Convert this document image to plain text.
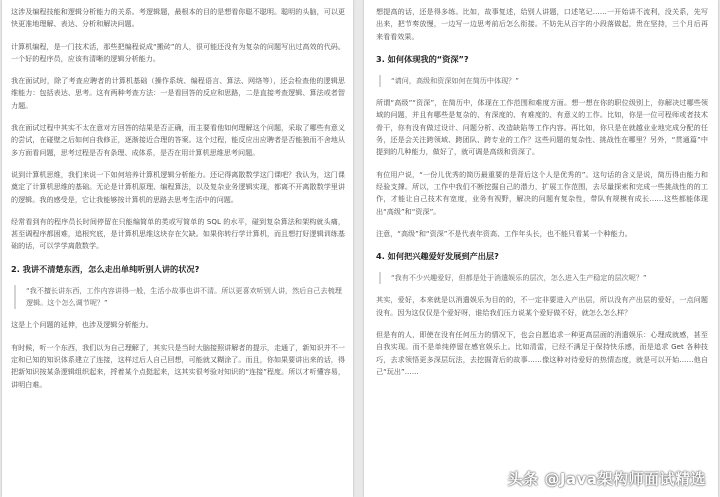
这涉及编程技能和逻辑分析能力的关系。考逻辑题，最根本的目的是想看你聪不聪明。聪明的头脑，可以更快更准地理解、表达、分析和解决问题。

计算机编程，是一门技术活，那些把编程说成“搬砖”的人，很可能还没有为复杂的问题写出过高效的代码。一个好的程序员，应该有清晰的逻辑分析能力。

我在面试时，除了考查应聘者的计算机基础（操作系统、编程语言、算法、网络等），还会检查他的逻辑思维能力：包括表达、思考。这有两种考查方法：一是看回答的反应和思路，二是直接考查逻辑、算法或者智力题。

我在面试过程中其实不太在意对方回答的结果是否正确，而主要看他如何理解这个问题，采取了哪些有意义的尝试，在碰壁之后如何自我修正，逐渐接近合理的答案。这个过程，能反应出应聘者是否能独而不舍地从多方面看问题，思考过程是否有条理、成体系，是否在用计算机思维思考问题。

说到计算机思维，我们来说一下如何培养计算机逻辑分析能力。还记得离散数学这门课吧？我认为，这门课奠定了计算机思维的基础。无论是计算机原理、编程算法，以及复杂业务逻辑实现，都离不开离散数学里讲的逻辑。我的感受是，它让我能够按计算机的思路去思考生活中的问题。

经常看到有的程序员长时间停留在只能编简单的类或写简单的 SQL 的水平，碰到复杂算法和架构就头痛，甚至调程序都困难，追根究底，是计算机思维这块存在欠缺。如果你转行学计算机，而且想打好逻辑训练基础的话，可以学学离散数学。

2. 我讲不清楚东西，怎么走出单纯听别人讲的状况?
“我不擅长讲东西，工作内容讲得一般，生活小故事也讲不清。所以更喜欢听别人讲，然后自己去梳理逻辑。这个怎么调节呢？”

这是上个问题的延伸，也涉及逻辑分析能力。

有时候，听一个东西，我们以为自己理解了，其实只是当时大脑接照讲解者的提示，走通了，新知识并不一定和已知的知识体系建立了连接，这样过后人自己回想，可能就又糊涂了。而且，你如果要讲出来的话，得把新知识按某条逻辑组织起来，捋着某个点挺起来，这其实很考验对知识的“连接”程度。所以才听懂容易，讲明白难。

想提高的话，还是得多练。比如，故事复述，给别人讲题，口述笔记……一开始讲不流利，没关系，先写出来，把节奏放慢，一边写一边思考前后怎么衔接。不妨先从百字的小段落做起，贵在坚持，三个月后再来看看效果。

3. 如何体现我的“资深”?
“请问，高级和资深如何在简历中体现？”

所谓“高级”“资深”，在简历中，体现在工作范围和难度方面。想一想在你的职位级别上，你解决过哪些领域的问题，并且有哪些是复杂的、有深度的、有难度的、有意义的工作。比如，你是一位可程师或者技术骨干，你有没有做过设计、问题分析、改造缺陷等工作内容。再比如，你只是在就越业业地完成分配的任务，还是会关注跨领域、跨团队、跨专业的工作？这些问题的复杂性、挑战性在哪里？另外，“贯通篇”中提到的几种能力，做好了，就可调是高级和资深了。

有位用户说，“一份儿优秀的简历最重要的是背后这个人是优秀的”。这句话的含义是说，简历得由能力和经验支撑。所以，工作中我们不断挖掘自己的潜力，扩展工作范围，去尽量探索和完成一些挑战性的的工作，才能让自己技术有宽度，业务有视野，解决的问题有复杂性，带队有规模有成长……这些都能体现出“高级”和“资深”。

注意，“高级”和“资深”不是代表年资高、工作年头长，也不能只看某一个种能力。

4. 如何把兴趣爱好发展到产出层?
“我有不少兴趣爱好，但都是处于消遣娱乐的层次，怎么进入生产稳定的层次呢？”

其实，爱好，本来就是以消遣娱乐为目的的，不一定非要进入产出层，所以没有产出层的爱好，一点问题没有。因为这仅仅是个爱好呀，谁给我们压力说某个爱好做不好，就怎么怎么样？

但是有的人，即使在没有任何压力的情况下，也会自愿追求一种更高层面的消遣娱乐：心理成就感，甚至自我实现。而不是单纯停留在感官娱乐上。比如清雷，已经不满足于保持快乐感，而是追求 Get 各种技巧，去求领悟更多深层玩法，去挖掘背后的故事……像这种对待爱好的热情态度，就是可以开始……他自己“玩出”……

头条 @Java架构师面试精选
